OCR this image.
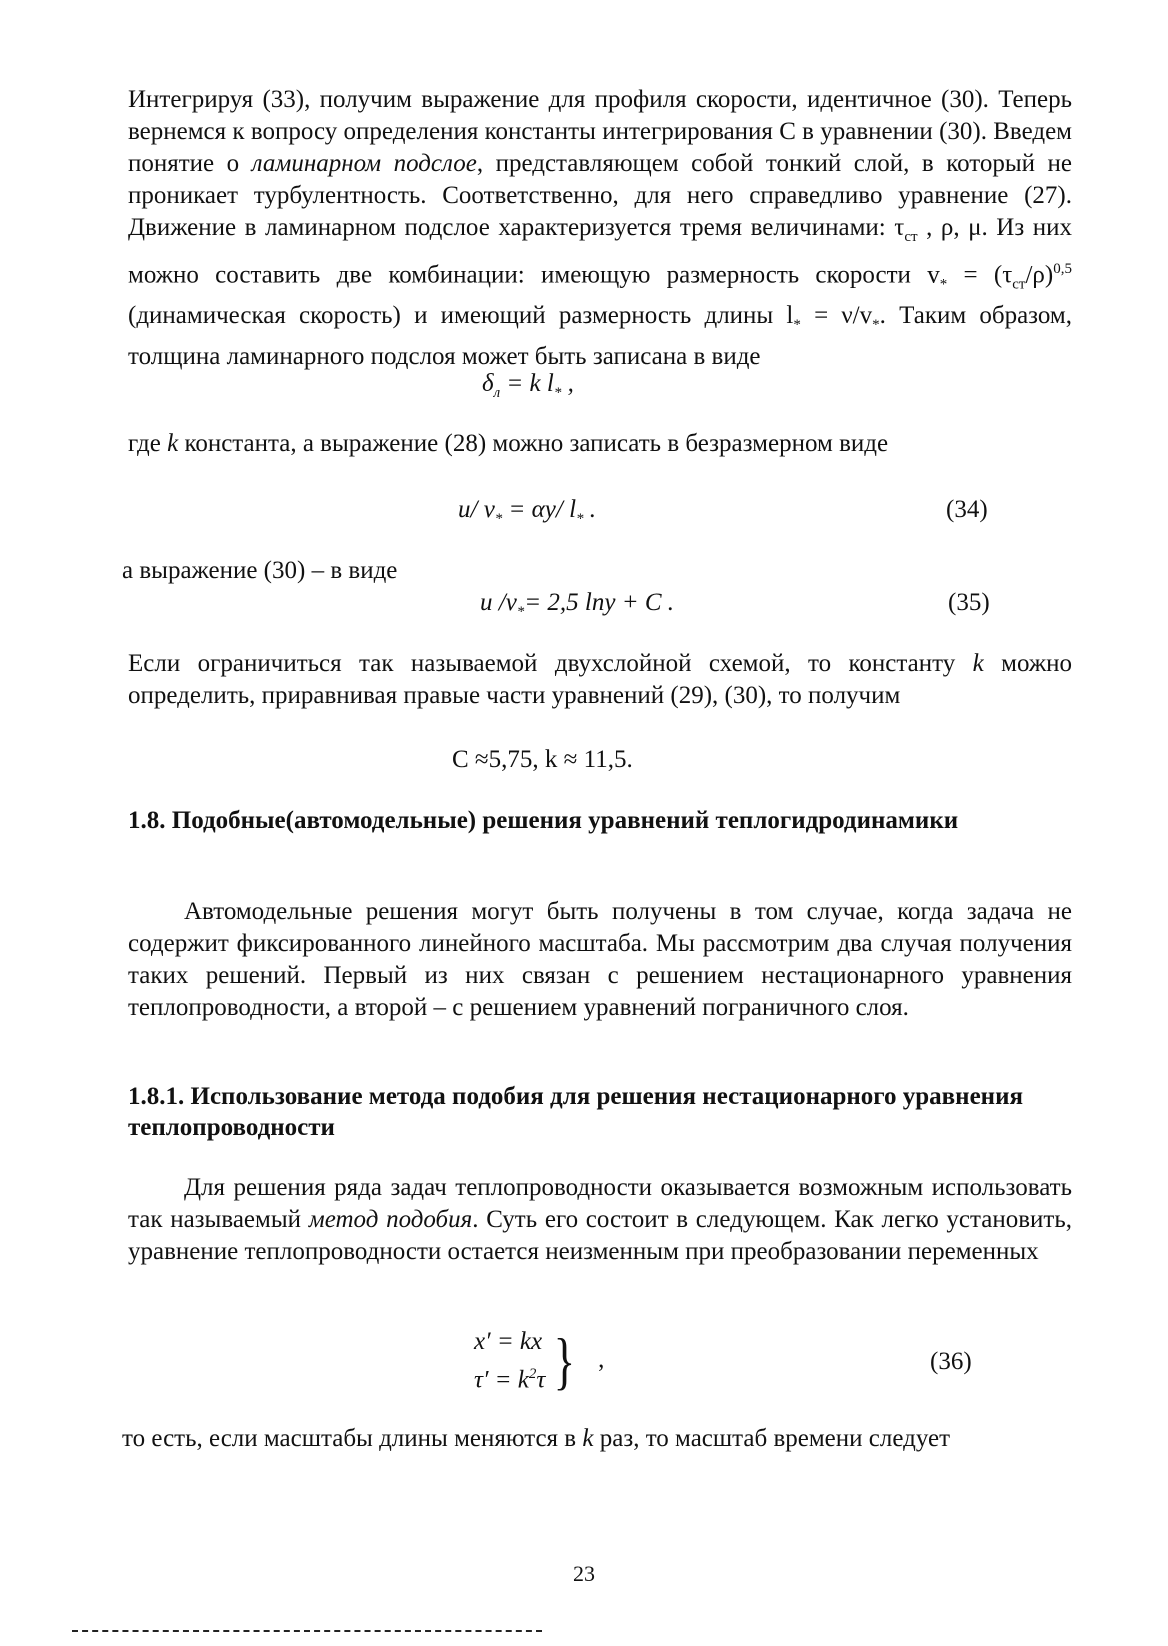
Интегрируя (33), получим выражение для профиля скорости, идентичное (30). Теперь вернемся к вопросу определения константы интегрирования С в уравнении (30). Введем понятие о ламинарном подслое, представляющем собой тонкий слой, в который не проникает турбулентность. Соответственно, для него справедливо уравнение (27). Движение в ламинарном подслое характеризуется тремя величинами: $\tau_{ст}$ , ρ, μ. Из них можно составить две комбинации: имеющую размерность скорости $v_* = (\tau_{ст}/\rho)^{0,5}$ (динамическая скорость) и имеющий размерность длины $l_* = \nu/v_*$. Таким образом, толщина ламинарного подслоя может быть записана в виде

$\delta_л = k$ $l_*$ ,
где k константа, а выражение (28) можно записать в безразмерном виде
u/ $v_* = \alpha y/$ $l_*$ .	(34)
а выражение (30) – в виде
u $/v_*= 2,5$ lny + C .	(35)

Если ограничиться так называемой двухслойной схемой, то константу k можно определить, приравнивая правые части уравнений (29), (30), то получим

C ≈5,75, k ≈ 11,5.
1.8. Подобные(автомодельные) решения уравнений теплогидродинамики

Автомодельные решения могут быть получены в том случае, когда задача не содержит фиксированного линейного масштаба. Мы рассмотрим два случая получения таких решений. Первый из них связан с решением нестационарного уравнения теплопроводности, а второй – с решением уравнений пограничного слоя.

1.8.1. Использование метода подобия для решения нестационарного уравнения теплопроводности

Для решения ряда задач теплопроводности оказывается возможным использовать так называемый метод подобия. Суть его состоит в следующем. Как легко установить, уравнение теплопроводности остается неизменным при преобразовании переменных

x′ = kx
$\tau' = k^2\tau$ } ,	(36)
то есть, если масштабы длины меняются в k раз, то масштаб времени следует
23
